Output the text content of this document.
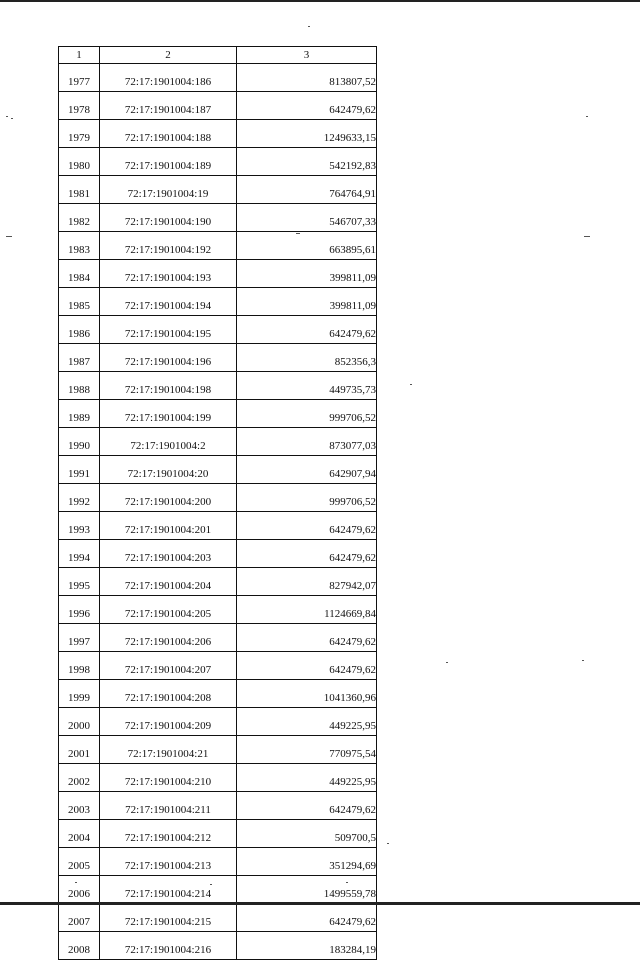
1	2	3
1977	72:17:1901004:186	813807,52
1978	72:17:1901004:187	642479,62
1979	72:17:1901004:188	1249633,15
1980	72:17:1901004:189	542192,83
1981	72:17:1901004:19	764764,91
1982	72:17:1901004:190	546707,33
1983	72:17:1901004:192	663895,61
1984	72:17:1901004:193	399811,09
1985	72:17:1901004:194	399811,09
1986	72:17:1901004:195	642479,62
1987	72:17:1901004:196	852356,3
1988	72:17:1901004:198	449735,73
1989	72:17:1901004:199	999706,52
1990	72:17:1901004:2	873077,03
1991	72:17:1901004:20	642907,94
1992	72:17:1901004:200	999706,52
1993	72:17:1901004:201	642479,62
1994	72:17:1901004:203	642479,62
1995	72:17:1901004:204	827942,07
1996	72:17:1901004:205	1124669,84
1997	72:17:1901004:206	642479,62
1998	72:17:1901004:207	642479,62
1999	72:17:1901004:208	1041360,96
2000	72:17:1901004:209	449225,95
2001	72:17:1901004:21	770975,54
2002	72:17:1901004:210	449225,95
2003	72:17:1901004:211	642479,62
2004	72:17:1901004:212	509700,5
2005	72:17:1901004:213	351294,69
2006	72:17:1901004:214	1499559,78
2007	72:17:1901004:215	642479,62
2008	72:17:1901004:216	183284,19
